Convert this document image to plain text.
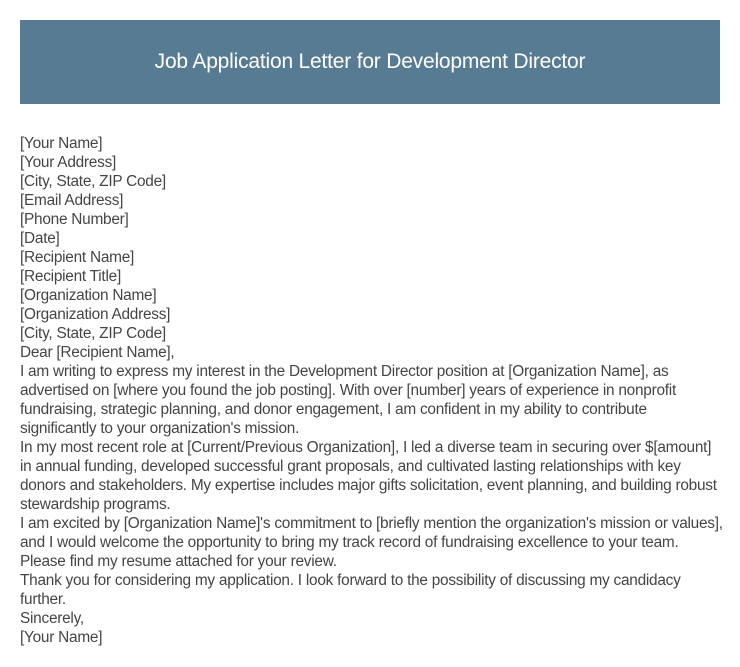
Job Application Letter for Development Director

[Your Name]

[Your Address]

[City, State, ZIP Code]

[Email Address]

[Phone Number]

[Date]

[Recipient Name]

[Recipient Title]

[Organization Name]

[Organization Address]

[City, State, ZIP Code]

Dear [Recipient Name],

I am writing to express my interest in the Development Director position at [Organization Name], as advertised on [where you found the job posting]. With over [number] years of experience in nonprofit fundraising, strategic planning, and donor engagement, I am confident in my ability to contribute significantly to your organization's mission.

In my most recent role at [Current/Previous Organization], I led a diverse team in securing over $[amount] in annual funding, developed successful grant proposals, and cultivated lasting relationships with key donors and stakeholders. My expertise includes major gifts solicitation, event planning, and building robust stewardship programs.

I am excited by [Organization Name]'s commitment to [briefly mention the organization's mission or values], and I would welcome the opportunity to bring my track record of fundraising excellence to your team. Please find my resume attached for your review.

Thank you for considering my application. I look forward to the possibility of discussing my candidacy further.

Sincerely,

[Your Name]
